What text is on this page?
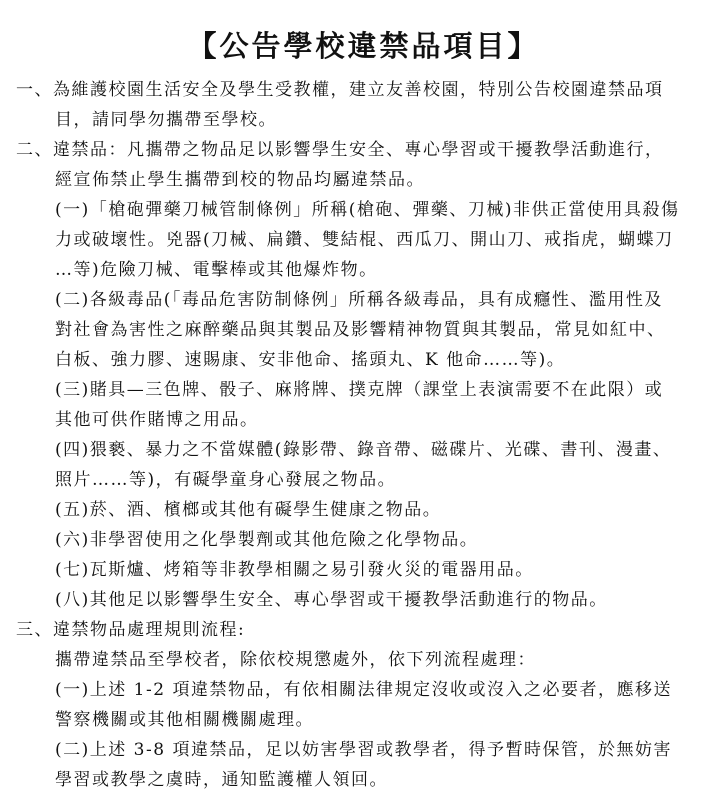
【公告學校違禁品項目】
一、為維護校園生活安全及學生受教權，建立友善校園，特別公告校園違禁品項
目，請同學勿攜帶至學校。
二、違禁品：凡攜帶之物品足以影響學生安全、專心學習或干擾教學活動進行，
經宣佈禁止學生攜帶到校的物品均屬違禁品。
(一)「槍砲彈藥刀械管制條例」所稱(槍砲、彈藥、刀械)非供正當使用具殺傷
力或破壞性。兇器(刀械、扁鑽、雙結棍、西瓜刀、開山刀、戒指虎，蝴蝶刀
…等)危險刀械、電擊棒或其他爆炸物。
(二)各級毒品(「毒品危害防制條例」所稱各級毒品，具有成癮性、濫用性及
對社會為害性之麻醉藥品與其製品及影響精神物質與其製品，常見如紅中、
白板、強力膠、速賜康、安非他命、搖頭丸、K 他命……等)。
(三)賭具—三色牌、骰子、麻將牌、撲克牌（課堂上表演需要不在此限）或
其他可供作賭博之用品。
(四)猥褻、暴力之不當媒體(錄影帶、錄音帶、磁碟片、光碟、書刊、漫畫、
照片……等)，有礙學童身心發展之物品。
(五)菸、酒、檳榔或其他有礙學生健康之物品。
(六)非學習使用之化學製劑或其他危險之化學物品。
(七)瓦斯爐、烤箱等非教學相關之易引發火災的電器用品。
(八)其他足以影響學生安全、專心學習或干擾教學活動進行的物品。
三、違禁物品處理規則流程:
攜帶違禁品至學校者，除依校規懲處外，依下列流程處理：
(一)上述 1-2 項違禁物品，有依相關法律規定沒收或沒入之必要者，應移送
警察機關或其他相關機關處理。
(二)上述 3-8 項違禁品，足以妨害學習或教學者，得予暫時保管，於無妨害
學習或教學之虞時，通知監護權人領回。
